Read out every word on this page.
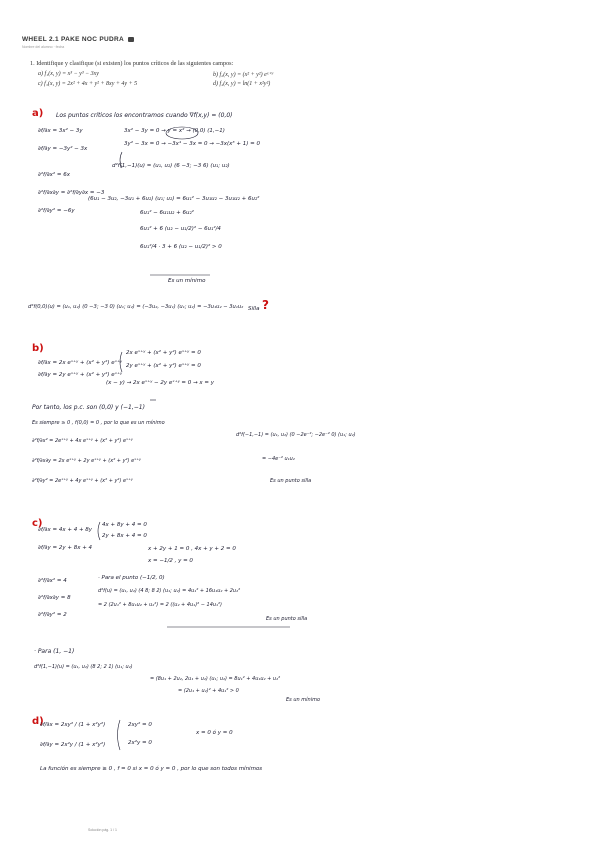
WHEEL 2.1 PAKE NOC PUDRA
Nombre del alumno · fecha
1. Identifique y clasifique (si existen) los puntos críticos de las siguientes campos:
a) f₁(x, y) = x³ − y³ − 3xy	b) f₂(x, y) = (x² + y²) eˣ⁺ʸ
c) f₃(x, y) = 2x² + 4x + y² + 8xy + 4y + 5	d) f₄(x, y) = ln(1 + x²y²)
a) Los puntos críticos los encontramos cuando ∇f(x,y) = (0,0)
∂f/∂x = 3x² − 3y
∂f/∂y = −3y² − 3x
3x² − 3y = 0 → y = x² → (0,0) (1,−1)
3y² − 3x = 0 → −3x⁴ − 3x = 0 → −3x(x³ + 1) = 0
∂²f/∂x² = 6x
∂²f/∂x∂y = ∂²f/∂y∂x = −3
∂²f/∂y² = −6y
d²f(1,−1)(u) = (u₁, u₂) (6 −3; −3 6) (u₁; u₂)
(6u₁ − 3u₂, −3u₁ + 6u₂) (u₁; u₂) = 6u₁² − 3u₁u₂ − 3u₁u₂ + 6u₂²
6u₁² − 6u₁u₂ + 6u₂²
6u₁² + 6 (u₂ − u₁/2)² − 6u₁²/4
6u₁²/4 · 3 + 6 (u₂ − u₁/2)² > 0
Es un mínimo
d²f(0,0)(u) = (u₁, u₂) (0 −3; −3 0) (u₁; u₂) = (−3u₂, −3u₁) (u₁; u₂) = −3u₁u₂ − 3u₁u₂ Silla ?
b)
∂f/∂x = 2x eˣ⁺ʸ + (x² + y²) eˣ⁺ʸ
∂f/∂y = 2y eˣ⁺ʸ + (x² + y²) eˣ⁺ʸ
2x eˣ⁺ʸ + (x² + y²) eˣ⁺ʸ = 0
2y eˣ⁺ʸ + (x² + y²) eˣ⁺ʸ = 0
(x − y) → 2x eˣ⁺ʸ − 2y eˣ⁺ʸ = 0 → x = y
Por tanto, los p.c. son (0,0) y (−1,−1)
Es siempre ≥ 0 , f(0,0) = 0 , por lo que es un mínimo
∂²f/∂x² = 2eˣ⁺ʸ + 4x eˣ⁺ʸ + (x² + y²) eˣ⁺ʸ
∂²f/∂x∂y = 2x eˣ⁺ʸ + 2y eˣ⁺ʸ + (x² + y²) eˣ⁺ʸ
∂²f/∂y² = 2eˣ⁺ʸ + 4y eˣ⁺ʸ + (x² + y²) eˣ⁺ʸ
d²f(−1,−1) = (u₁, u₂) (0 −2e⁻²; −2e⁻² 0) (u₁; u₂)
= −4e⁻² u₁u₂
Es un punto silla
c)
∂f/∂x = 4x + 4 + 8y
∂f/∂y = 2y + 8x + 4
4x + 8y + 4 = 0
2y + 8x + 4 = 0
x + 2y + 1 = 0 , 4x + y + 2 = 0
x = −1/2 , y = 0
∂²f/∂x² = 4
∂²f/∂x∂y = 8
∂²f/∂y² = 2
· Para el punto (−1/2, 0)
d²f(u) = (u₁, u₂) (4 8; 8 2) (u₁; u₂) = 4u₁² + 16u₁u₂ + 2u₂²
= 2 (2u₁² + 8u₁u₂ + u₂²) = 2 ((u₂ + 4u₁)² − 14u₁²)
Es un punto silla
· Para (1, −1)
d²f(1,−1)(u) = (u₁, u₂) (8 2; 2 1) (u₁; u₂)
= (8u₁ + 2u₂, 2u₁ + u₂) (u₁; u₂) = 8u₁² + 4u₁u₂ + u₂²
= (2u₁ + u₂)² + 4u₁² > 0
Es un mínimo
d)
∂f/∂x = 2xy² / (1 + x²y²)
∂f/∂y = 2x²y / (1 + x²y²)
2xy² = 0
2x²y = 0
x = 0 ó y = 0
La función es siempre ≥ 0 , f = 0 si x = 0 ó y = 0 , por lo que son todos mínimos
Solución pág. 1 / 1
